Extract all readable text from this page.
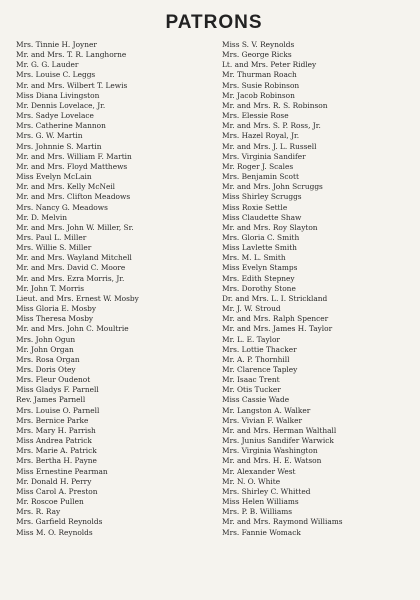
PATRONS
Mrs. Tinnie H. Joyner
Mr. and Mrs. T. R. Langhorne
Mr. G. G. Lauder
Mrs. Louise C. Leggs
Mr. and Mrs. Wilbert T. Lewis
Miss Diana Livingston
Mr. Dennis Lovelace, Jr.
Mrs. Sadye Lovelace
Mrs. Catherine Mannon
Mrs. G. W. Martin
Mrs. Johnnie S. Martin
Mr. and Mrs. William F. Martin
Mr. and Mrs. Floyd Matthews
Miss Evelyn McLain
Mr. and Mrs. Kelly McNeil
Mr. and Mrs. Clifton Meadows
Mrs. Nancy G. Meadows
Mr. D. Melvin
Mr. and Mrs. John W. Miller, Sr.
Mrs. Paul L. Miller
Mrs. Willie S. Miller
Mr. and Mrs. Wayland Mitchell
Mr. and Mrs. David C. Moore
Mr. and Mrs. Ezra Morris, Jr.
Mr. John T. Morris
Lieut. and Mrs. Ernest W. Mosby
Miss Gloria E. Mosby
Miss Theresa Mosby
Mr. and Mrs. John C. Moultrie
Mrs. John Ogun
Mr. John Organ
Mrs. Rosa Organ
Mrs. Doris Otey
Mrs. Fleur Oudenot
Miss Gladys F. Parnell
Rev. James Parnell
Mrs. Louise O. Parnell
Mrs. Bernice Parke
Mrs. Mary H. Parrish
Miss Andrea Patrick
Mrs. Marie A. Patrick
Mrs. Bertha H. Payne
Miss Ernestine Pearman
Mr. Donald H. Perry
Miss Carol A. Preston
Mr. Roscoe Pullen
Mrs. R. Ray
Mrs. Garfield Reynolds
Miss M. O. Reynolds
Miss S. V. Reynolds
Mrs. George Ricks
Lt. and Mrs. Peter Ridley
Mr. Thurman Roach
Mrs. Susie Robinson
Mr. Jacob Robinson
Mr. and Mrs. R. S. Robinson
Mrs. Elessie Rose
Mr. and Mrs. S. P. Ross, Jr.
Mrs. Hazel Royal, Jr.
Mr. and Mrs. J. L. Russell
Mrs. Virginia Sandifer
Mr. Roger J. Scales
Mrs. Benjamin Scott
Mr. and Mrs. John Scruggs
Miss Shirley Scruggs
Miss Roxie Settle
Miss Claudette Shaw
Mr. and Mrs. Roy Slayton
Mrs. Gloria C. Smith
Miss Lavlette Smith
Mrs. M. L. Smith
Miss Evelyn Stamps
Mrs. Edith Stepney
Mrs. Dorothy Stone
Dr. and Mrs. L. I. Strickland
Mr. J. W. Stroud
Mr. and Mrs. Ralph Spencer
Mr. and Mrs. James H. Taylor
Mr. L. E. Taylor
Mrs. Lottie Thacker
Mr. A. P. Thornhill
Mr. Clarence Tapley
Mr. Isaac Trent
Mr. Otis Tucker
Miss Cassie Wade
Mr. Langston A. Walker
Mrs. Vivian F. Walker
Mr. and Mrs. Herman Walthall
Mrs. Junius Sandifer Warwick
Mrs. Virginia Washington
Mr. and Mrs. H. E. Watson
Mr. Alexander West
Mr. N. O. White
Mrs. Shirley C. Whitted
Miss Helen Williams
Mrs. P. B. Williams
Mr. and Mrs. Raymond Williams
Mrs. Fannie Womack
